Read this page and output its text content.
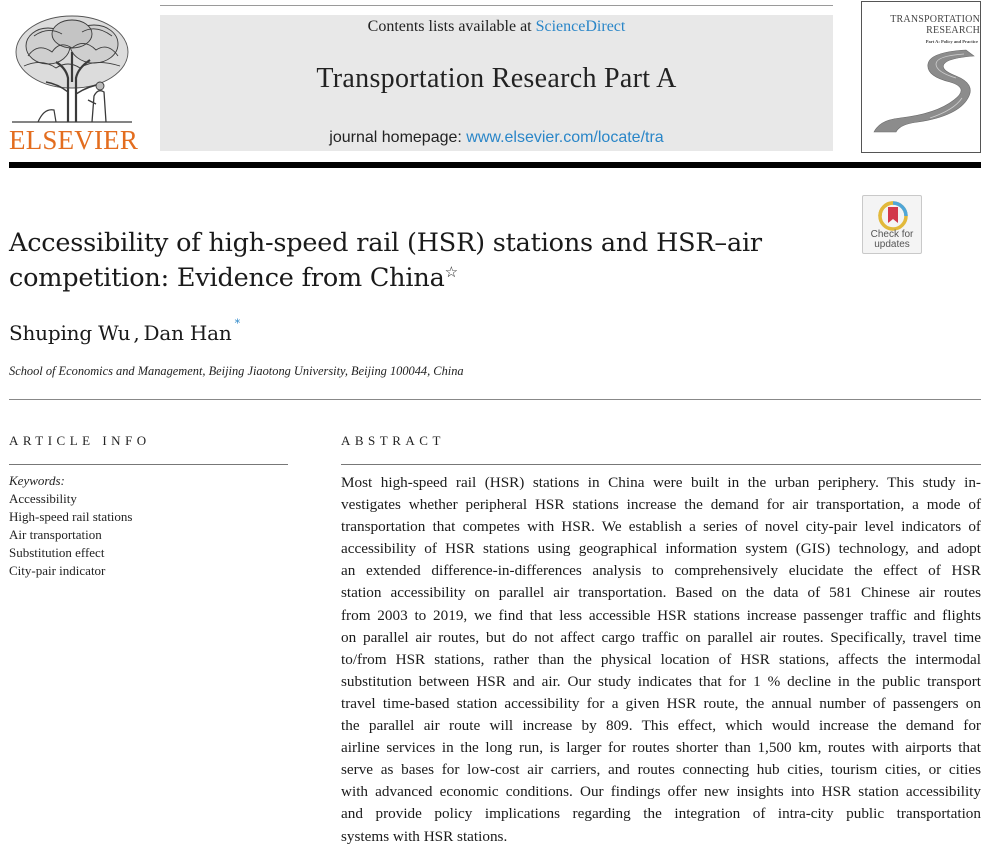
ELSEVIER
Contents lists available at ScienceDirect
Transportation Research Part A
journal homepage: www.elsevier.com/locate/tra
TRANSPORTATION
RESEARCH
Part A: Policy and Practice
Check for
updates
Accessibility of high-speed rail (HSR) stations and HSR–air
competition: Evidence from China☆
Shuping Wu , Dan Han *
School of Economics and Management, Beijing Jiaotong University, Beijing 100044, China
ARTICLE INFO
Keywords:
Accessibility
High-speed rail stations
Air transportation
Substitution effect
City-pair indicator
ABSTRACT
Most high-speed rail (HSR) stations in China were built in the urban periphery. This study in-
vestigates whether peripheral HSR stations increase the demand for air transportation, a mode of
transportation that competes with HSR. We establish a series of novel city-pair level indicators of
accessibility of HSR stations using geographical information system (GIS) technology, and adopt
an extended difference-in-differences analysis to comprehensively elucidate the effect of HSR
station accessibility on parallel air transportation. Based on the data of 581 Chinese air routes
from 2003 to 2019, we find that less accessible HSR stations increase passenger traffic and flights
on parallel air routes, but do not affect cargo traffic on parallel air routes. Specifically, travel time
to/from HSR stations, rather than the physical location of HSR stations, affects the intermodal
substitution between HSR and air. Our study indicates that for 1 % decline in the public transport
travel time-based station accessibility for a given HSR route, the annual number of passengers on
the parallel air route will increase by 809. This effect, which would increase the demand for
airline services in the long run, is larger for routes shorter than 1,500 km, routes with airports that
serve as bases for low-cost air carriers, and routes connecting hub cities, tourism cities, or cities
with advanced economic conditions. Our findings offer new insights into HSR station accessibility
and provide policy implications regarding the integration of intra-city public transportation
systems with HSR stations.
